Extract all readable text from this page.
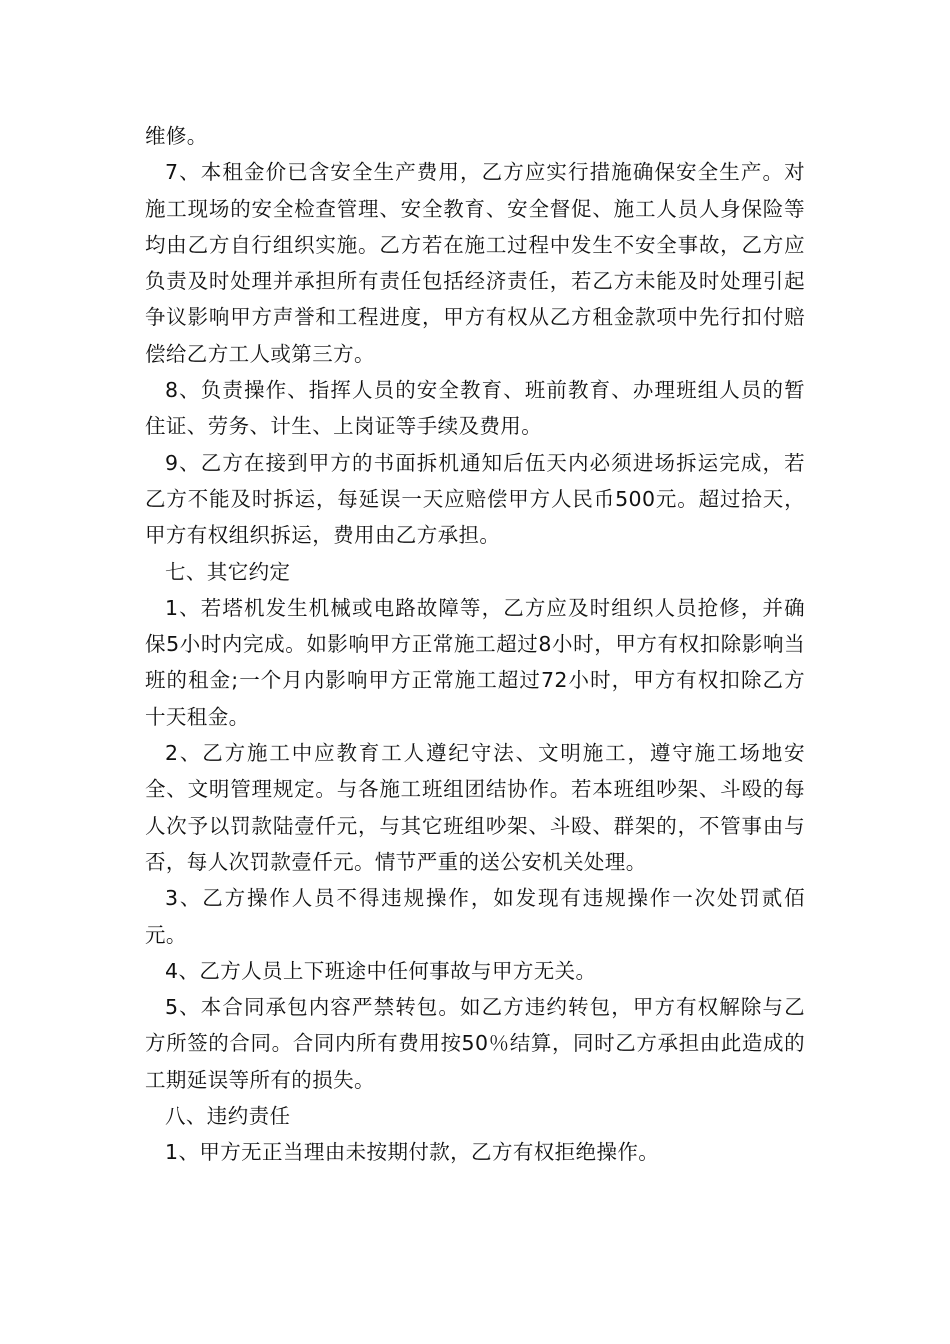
维修。

7、本租金价已含安全生产费用，乙方应实行措施确保安全生产。对施工现场的安全检查管理、安全教育、安全督促、施工人员人身保险等均由乙方自行组织实施。乙方若在施工过程中发生不安全事故，乙方应负责及时处理并承担所有责任包括经济责任，若乙方未能及时处理引起争议影响甲方声誉和工程进度，甲方有权从乙方租金款项中先行扣付赔偿给乙方工人或第三方。

8、负责操作、指挥人员的安全教育、班前教育、办理班组人员的暂住证、劳务、计生、上岗证等手续及费用。

9、乙方在接到甲方的书面拆机通知后伍天内必须进场拆运完成，若乙方不能及时拆运，每延误一天应赔偿甲方人民币500元。超过拾天，甲方有权组织拆运，费用由乙方承担。

七、其它约定

1、若塔机发生机械或电路故障等，乙方应及时组织人员抢修，并确保5小时内完成。如影响甲方正常施工超过8小时，甲方有权扣除影响当班的租金;一个月内影响甲方正常施工超过72小时，甲方有权扣除乙方十天租金。

2、乙方施工中应教育工人遵纪守法、文明施工，遵守施工场地安全、文明管理规定。与各施工班组团结协作。若本班组吵架、斗殴的每人次予以罚款陆壹仟元，与其它班组吵架、斗殴、群架的，不管事由与否，每人次罚款壹仟元。情节严重的送公安机关处理。

3、乙方操作人员不得违规操作，如发现有违规操作一次处罚贰佰元。

4、乙方人员上下班途中任何事故与甲方无关。

5、本合同承包内容严禁转包。如乙方违约转包，甲方有权解除与乙方所签的合同。合同内所有费用按50％结算，同时乙方承担由此造成的工期延误等所有的损失。

八、违约责任

1、甲方无正当理由未按期付款，乙方有权拒绝操作。
